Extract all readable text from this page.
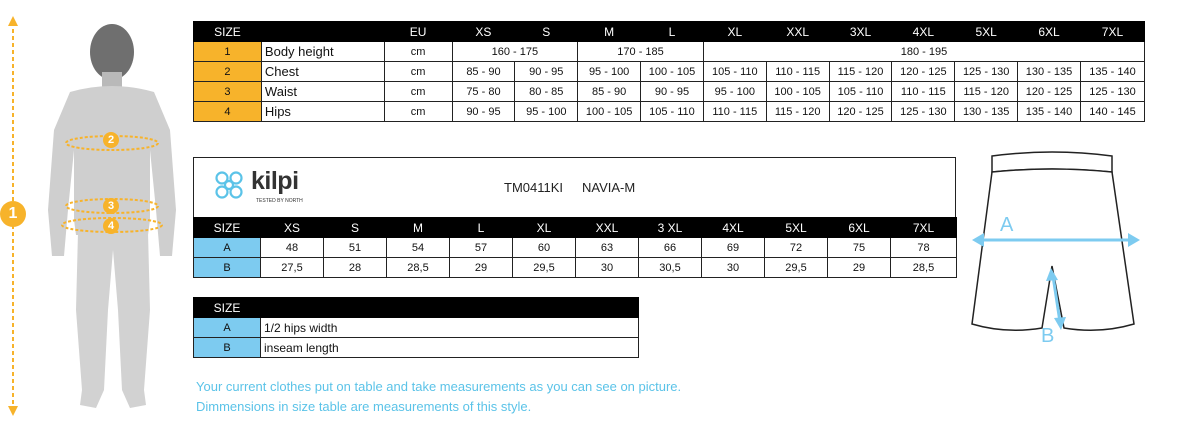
1
2
3
4
SIZE		EU	XS	S	M	L	XL	XXL	3XL	4XL	5XL	6XL	7XL
1	Body height	cm	160 - 175		170 - 185		180 - 195						
2	Chest	cm	85 - 90	90 - 95	95 - 100	100 - 105	105 - 110	110 - 115	115 - 120	120 - 125	125 - 130	130 - 135	135 - 140
3	Waist	cm	75 - 80	80 - 85	85 - 90	90 - 95	95 - 100	100 - 105	105 - 110	110 - 115	115 - 120	120 - 125	125 - 130
4	Hips	cm	90 - 95	95 - 100	100 - 105	105 - 110	110 - 115	115 - 120	120 - 125	125 - 130	130 - 135	135 - 140	140 - 145
kilpi
TESTED BY NORTH
TM0411KI NAVIA-M
SIZE	XS	S	M	L	XL	XXL	3 XL	4XL	5XL	6XL	7XL
A	48	51	54	57	60	63	66	69	72	75	78
B	27,5	28	28,5	29	29,5	30	30,5	30	29,5	29	28,5
SIZE	
A	1/2 hips width
B	inseam length
Your current clothes put on table and take measurements as you can see on picture.
Dimmensions in size table are measurements of this style.
A
B
